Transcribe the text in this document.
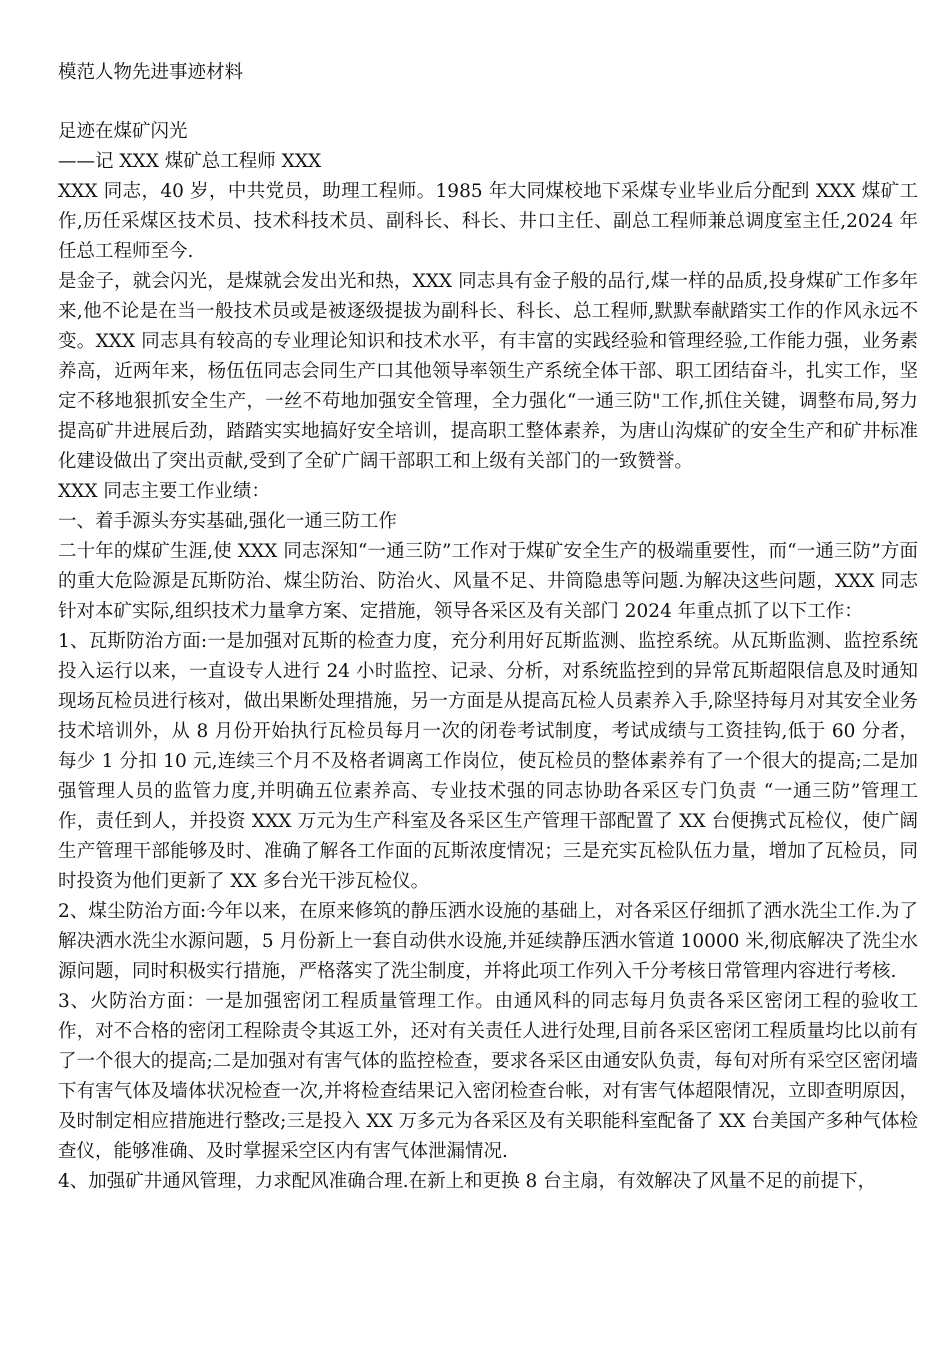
模范人物先进事迹材料

足迹在煤矿闪光

——记 XXX 煤矿总工程师 XXX

XXX 同志，40 岁，中共党员，助理工程师。1985 年大同煤校地下采煤专业毕业后分配到 XXX 煤矿工作,历任采煤区技术员、技术科技术员、副科长、科长、井口主任、副总工程师兼总调度室主任,2024 年任总工程师至今.

是金子，就会闪光，是煤就会发出光和热，XXX 同志具有金子般的品行,煤一样的品质,投身煤矿工作多年来,他不论是在当一般技术员或是被逐级提拔为副科长、科长、总工程师,默默奉献踏实工作的作风永远不变。XXX 同志具有较高的专业理论知识和技术水平，有丰富的实践经验和管理经验,工作能力强，业务素养高，近两年来，杨伍伍同志会同生产口其他领导率领生产系统全体干部、职工团结奋斗，扎实工作，坚定不移地狠抓安全生产，一丝不苟地加强安全管理，全力强化“一通三防"工作,抓住关键，调整布局,努力提高矿井进展后劲，踏踏实实地搞好安全培训，提高职工整体素养，为唐山沟煤矿的安全生产和矿井标准化建设做出了突出贡献,受到了全矿广阔干部职工和上级有关部门的一致赞誉。

XXX 同志主要工作业绩：

一、着手源头夯实基础,强化一通三防工作

二十年的煤矿生涯,使 XXX 同志深知“一通三防”工作对于煤矿安全生产的极端重要性，而“一通三防”方面的重大危险源是瓦斯防治、煤尘防治、防治火、风量不足、井筒隐患等问题.为解决这些问题，XXX 同志针对本矿实际,组织技术力量拿方案、定措施，领导各采区及有关部门 2024 年重点抓了以下工作：

1、瓦斯防治方面:一是加强对瓦斯的检查力度，充分利用好瓦斯监测、监控系统。从瓦斯监测、监控系统投入运行以来，一直设专人进行 24 小时监控、记录、分析，对系统监控到的异常瓦斯超限信息及时通知现场瓦检员进行核对，做出果断处理措施，另一方面是从提高瓦检人员素养入手,除坚持每月对其安全业务技术培训外，从 8 月份开始执行瓦检员每月一次的闭卷考试制度，考试成绩与工资挂钩,低于 60 分者，每少 1 分扣 10 元,连续三个月不及格者调离工作岗位，使瓦检员的整体素养有了一个很大的提高;二是加强管理人员的监管力度,并明确五位素养高、专业技术强的同志协助各采区专门负责 “一通三防”管理工作，责任到人，并投资 XXX 万元为生产科室及各采区生产管理干部配置了 XX 台便携式瓦检仪，使广阔生产管理干部能够及时、准确了解各工作面的瓦斯浓度情况；三是充实瓦检队伍力量，增加了瓦检员，同时投资为他们更新了 XX 多台光干涉瓦检仪。

2、煤尘防治方面:今年以来，在原来修筑的静压洒水设施的基础上，对各采区仔细抓了洒水洗尘工作.为了解决洒水洗尘水源问题，5 月份新上一套自动供水设施,并延续静压洒水管道 10000 米,彻底解决了洗尘水源问题，同时积极实行措施，严格落实了洗尘制度，并将此项工作列入千分考核日常管理内容进行考核.

3、火防治方面：一是加强密闭工程质量管理工作。由通风科的同志每月负责各采区密闭工程的验收工作，对不合格的密闭工程除责令其返工外，还对有关责任人进行处理,目前各采区密闭工程质量均比以前有了一个很大的提高;二是加强对有害气体的监控检查，要求各采区由通安队负责，每旬对所有采空区密闭墙下有害气体及墙体状况检查一次,并将检查结果记入密闭检查台帐，对有害气体超限情况，立即查明原因，及时制定相应措施进行整改;三是投入 XX 万多元为各采区及有关职能科室配备了 XX 台美国产多种气体检查仪，能够准确、及时掌握采空区内有害气体泄漏情况.

4、加强矿井通风管理，力求配风准确合理.在新上和更换 8 台主扇，有效解决了风量不足的前提下，
